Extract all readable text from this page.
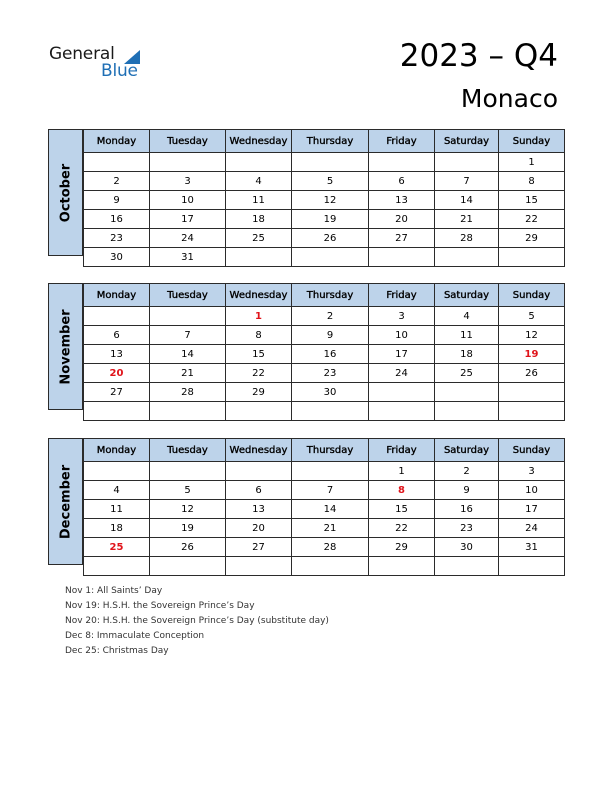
General
Blue	2023 – Q4
Monaco
October
Monday	Tuesday	Wednesday	Thursday	Friday	Saturday	Sunday
						1
2	3	4	5	6	7	8
9	10	11	12	13	14	15
16	17	18	19	20	21	22
23	24	25	26	27	28	29
30	31					
November
Monday	Tuesday	Wednesday	Thursday	Friday	Saturday	Sunday
		1	2	3	4	5
6	7	8	9	10	11	12
13	14	15	16	17	18	19
20	21	22	23	24	25	26
27	28	29	30			

December
Monday	Tuesday	Wednesday	Thursday	Friday	Saturday	Sunday
				1	2	3
4	5	6	7	8	9	10
11	12	13	14	15	16	17
18	19	20	21	22	23	24
25	26	27	28	29	30	31

Nov 1: All Saints’ Day
Nov 19: H.S.H. the Sovereign Prince’s Day
Nov 20: H.S.H. the Sovereign Prince’s Day (substitute day)
Dec 8: Immaculate Conception
Dec 25: Christmas Day
